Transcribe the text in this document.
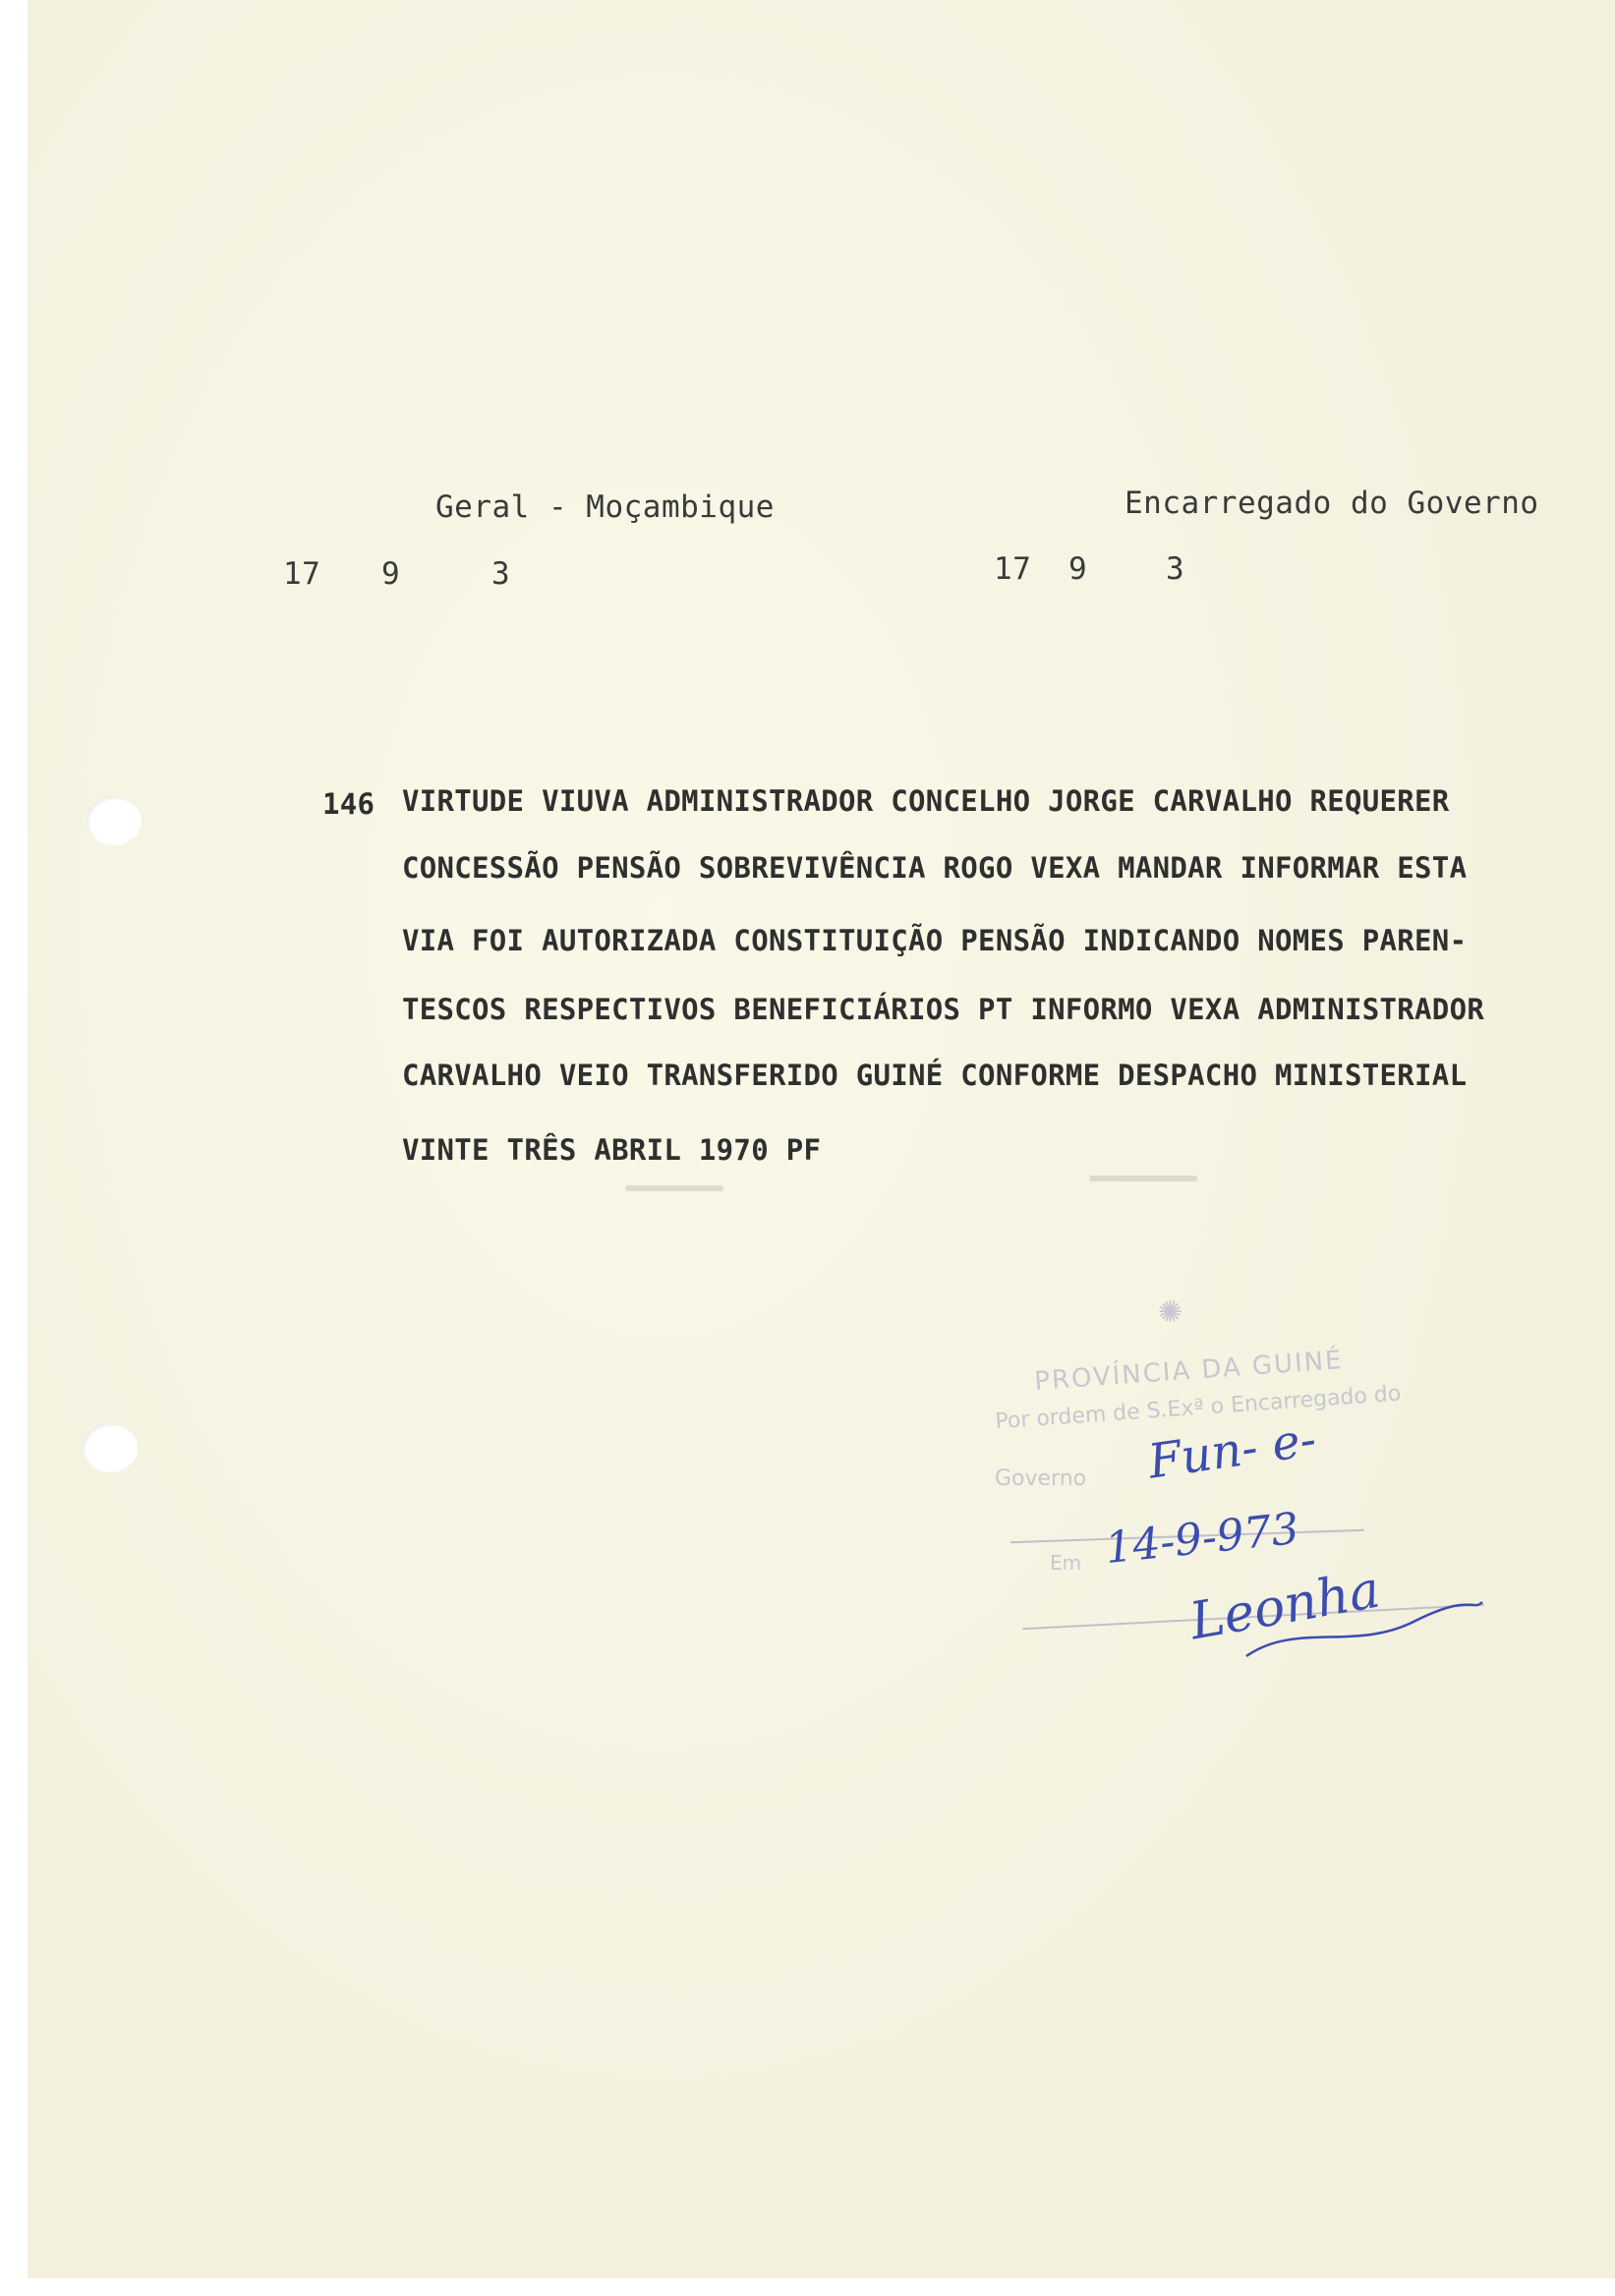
Geral - Moçambique	Encarregado do Governo
17 9	3	17 9	3
146 VIRTUDE VIUVA ADMINISTRADOR CONCELHO JORGE CARVALHO REQUERER
CONCESSÃO PENSÃO SOBREVIVÊNCIA ROGO VEXA MANDAR INFORMAR ESTA
VIA FOI AUTORIZADA CONSTITUIÇÃO PENSÃO INDICANDO NOMES PAREN-
TESCOS RESPECTIVOS BENEFICIÁRIOS PT INFORMO VEXA ADMINISTRADOR
CARVALHO VEIO TRANSFERIDO GUINÉ CONFORME DESPACHO MINISTERIAL
VINTE TRÊS ABRIL 1970 PF
✺
PROVÍNCIA DA GUINÉ
Por ordem de S.Exª o Encarregado do
Governo
Em
Fun- e-
14-9-973
Leonha
